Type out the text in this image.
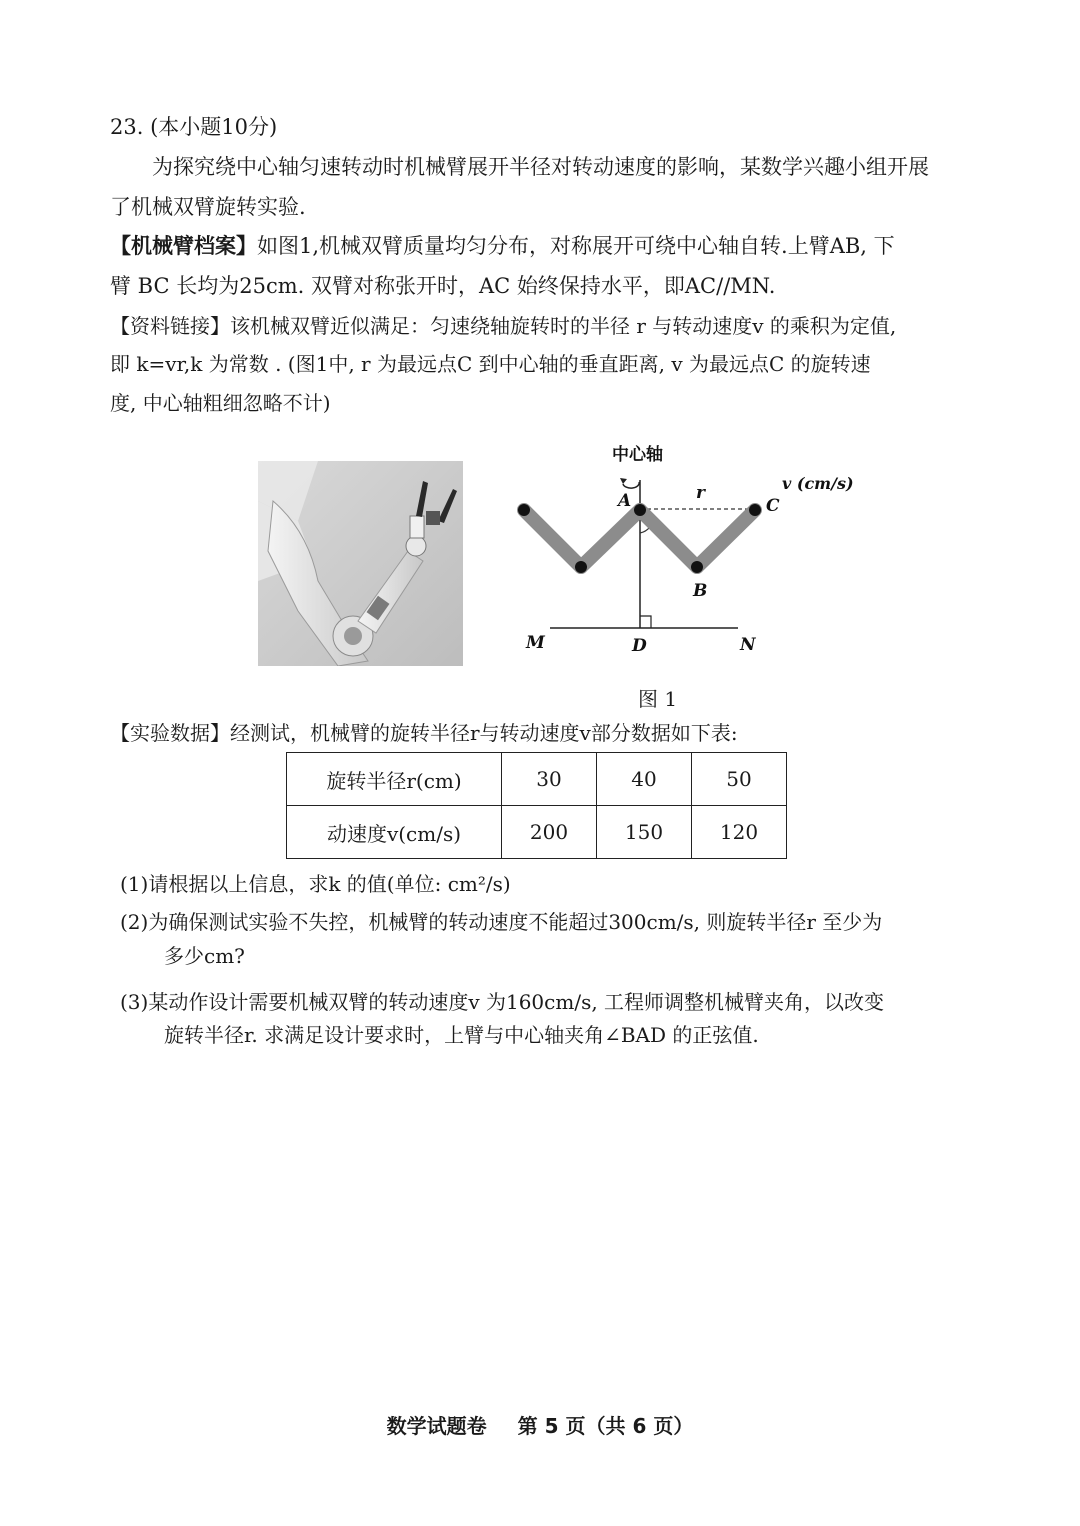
23. (本小题10分)
为探究绕中心轴匀速转动时机械臂展开半径对转动速度的影响，某数学兴趣小组开展
了机械双臂旋转实验.
【机械臂档案】如图1,机械双臂质量均匀分布，对称展开可绕中心轴自转.上臂AB, 下
臂 BC 长均为25cm. 双臂对称张开时，AC 始终保持水平，即AC//MN.
【资料链接】该机械双臂近似满足：匀速绕轴旋转时的半径 r 与转动速度v 的乘积为定值,
即 k=vr,k 为常数 . (图1中, r 为最远点C 到中心轴的垂直距离, v 为最远点C 的旋转速
度, 中心轴粗细忽略不计)
中心轴
A	r
C
v (cm/s)
B
M	D	N
图 1
【实验数据】经测试，机械臂的旋转半径r与转动速度v部分数据如下表:
旋转半径r(cm)	30	40	50
动速度v(cm/s)	200	150	120
(1)请根据以上信息，求k 的值(单位: cm²/s)
(2)为确保测试实验不失控，机械臂的转动速度不能超过300cm/s, 则旋转半径r 至少为
多少cm?
(3)某动作设计需要机械双臂的转动速度v 为160cm/s, 工程师调整机械臂夹角，以改变
旋转半径r. 求满足设计要求时，上臂与中心轴夹角∠BAD 的正弦值.
数学试题卷 第 5 页（共 6 页）
